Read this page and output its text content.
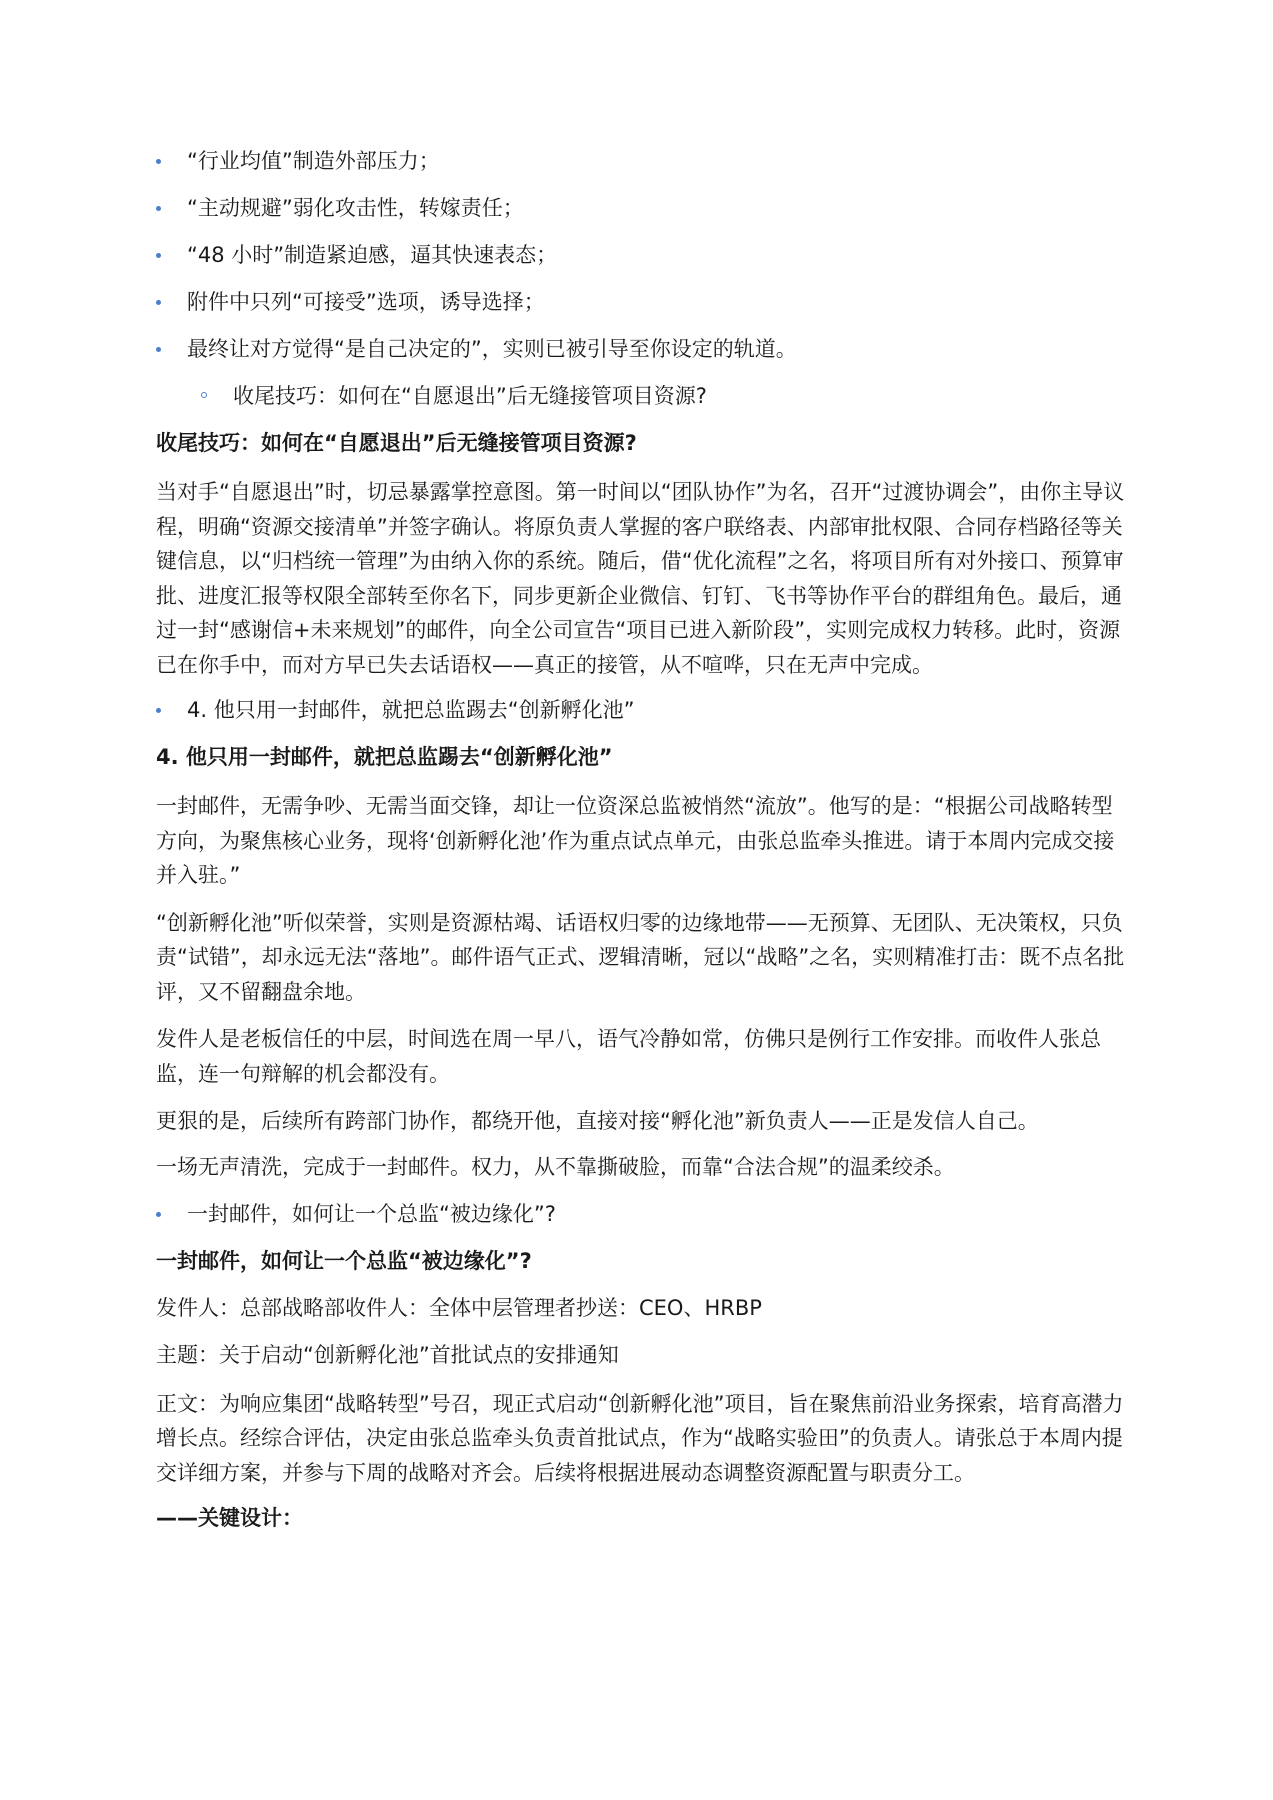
“行业均值”制造外部压力；
“主动规避”弱化攻击性，转嫁责任；
“48 小时”制造紧迫感，逼其快速表态；
附件中只列“可接受”选项，诱导选择；
最终让对方觉得“是自己决定的”，实则已被引导至你设定的轨道。
收尾技巧：如何在“自愿退出”后无缝接管项目资源?
收尾技巧：如何在“自愿退出”后无缝接管项目资源?
当对手“自愿退出”时，切忌暴露掌控意图。第一时间以“团队协作”为名，召开“过渡协调会”，由你主导议程，明确“资源交接清单”并签字确认。将原负责人掌握的客户联络表、内部审批权限、合同存档路径等关键信息，以“归档统一管理”为由纳入你的系统。随后，借“优化流程”之名，将项目所有对外接口、预算审批、进度汇报等权限全部转至你名下，同步更新企业微信、钉钉、飞书等协作平台的群组角色。最后，通过一封“感谢信+未来规划”的邮件，向全公司宣告“项目已进入新阶段”，实则完成权力转移。此时，资源已在你手中，而对方早已失去话语权——真正的接管，从不喧哗，只在无声中完成。
4. 他只用一封邮件，就把总监踢去“创新孵化池”
4. 他只用一封邮件，就把总监踢去“创新孵化池”
一封邮件，无需争吵、无需当面交锋，却让一位资深总监被悄然“流放”。他写的是：“根据公司战略转型方向，为聚焦核心业务，现将‘创新孵化池’作为重点试点单元，由张总监牵头推进。请于本周内完成交接并入驻。”
“创新孵化池”听似荣誉，实则是资源枯竭、话语权归零的边缘地带——无预算、无团队、无决策权，只负责“试错”，却永远无法“落地”。邮件语气正式、逻辑清晰，冠以“战略”之名，实则精准打击：既不点名批评，又不留翻盘余地。
发件人是老板信任的中层，时间选在周一早八，语气冷静如常，仿佛只是例行工作安排。而收件人张总监，连一句辩解的机会都没有。
更狠的是，后续所有跨部门协作，都绕开他，直接对接“孵化池”新负责人——正是发信人自己。
一场无声清洗，完成于一封邮件。权力，从不靠撕破脸，而靠“合法合规”的温柔绞杀。
一封邮件，如何让一个总监“被边缘化”?
一封邮件，如何让一个总监“被边缘化”?
发件人：总部战略部收件人：全体中层管理者抄送：CEO、HRBP
主题：关于启动“创新孵化池”首批试点的安排通知
正文：为响应集团“战略转型”号召，现正式启动“创新孵化池”项目，旨在聚焦前沿业务探索，培育高潜力增长点。经综合评估，决定由张总监牵头负责首批试点，作为“战略实验田”的负责人。请张总于本周内提交详细方案，并参与下周的战略对齐会。后续将根据进展动态调整资源配置与职责分工。
——关键设计：
